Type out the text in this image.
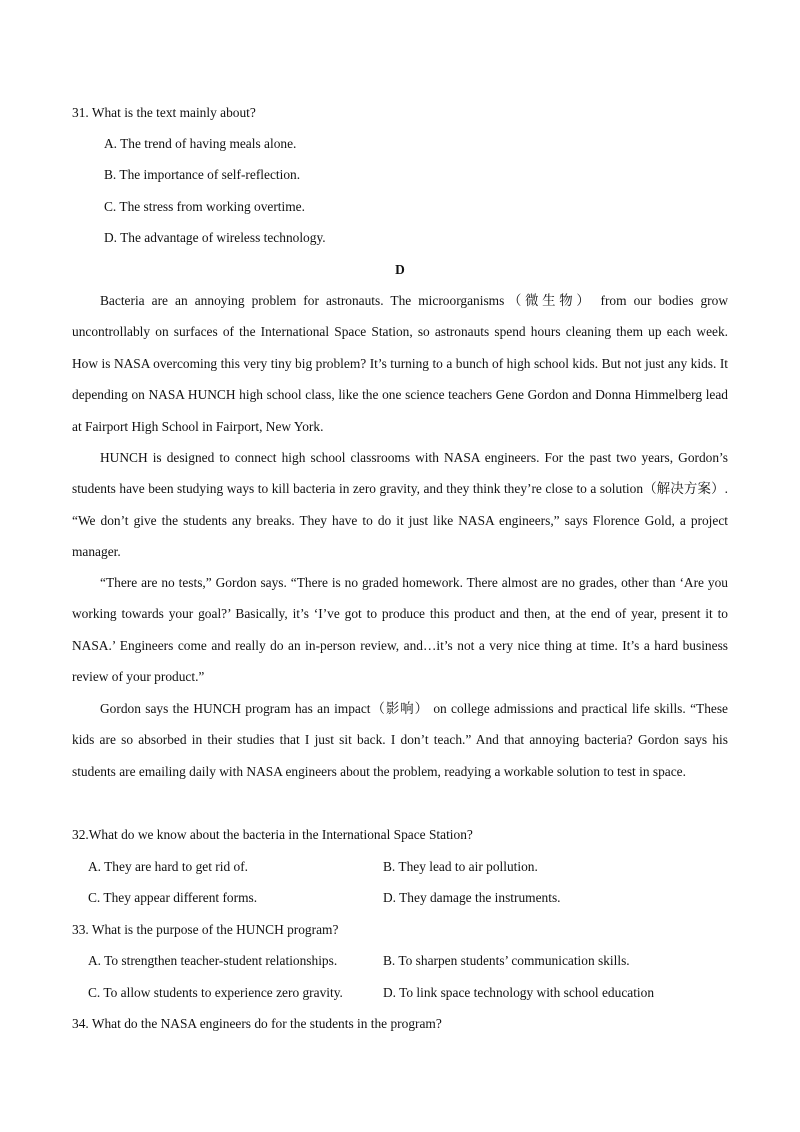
31. What is the text mainly about?
A. The trend of having meals alone.
B. The importance of self-reflection.
C. The stress from working overtime.
D. The advantage of wireless technology.
D
Bacteria are an annoying problem for astronauts. The microorganisms（微生物） from our bodies grow uncontrollably on surfaces of the International Space Station, so astronauts spend hours cleaning them up each week. How is NASA overcoming this very tiny big problem? It’s turning to a bunch of high school kids. But not just any kids. It depending on NASA HUNCH high school class, like the one science teachers Gene Gordon and Donna Himmelberg lead at Fairport High School in Fairport, New York.
HUNCH is designed to connect high school classrooms with NASA engineers. For the past two years, Gordon’s students have been studying ways to kill bacteria in zero gravity, and they think they’re close to a solution（解决方案）. “We don’t give the students any breaks. They have to do it just like NASA engineers,” says Florence Gold, a project manager.
“There are no tests,” Gordon says. “There is no graded homework. There almost are no grades, other than ‘Are you working towards your goal?’ Basically, it’s ‘I’ve got to produce this product and then, at the end of year, present it to NASA.’ Engineers come and really do an in-person review, and…it’s not a very nice thing at time. It’s a hard business review of your product.”
Gordon says the HUNCH program has an impact（影响） on college admissions and practical life skills. “These kids are so absorbed in their studies that I just sit back. I don’t teach.” And that annoying bacteria? Gordon says his students are emailing daily with NASA engineers about the problem, readying a workable solution to test in space.
32.What do we know about the bacteria in the International Space Station?
A. They are hard to get rid of.	B. They lead to air pollution.
C. They appear different forms.	D. They damage the instruments.
33. What is the purpose of the HUNCH program?
A. To strengthen teacher-student relationships.	B. To sharpen students’ communication skills.
C. To allow students to experience zero gravity.	D. To link space technology with school education
34. What do the NASA engineers do for the students in the program?
